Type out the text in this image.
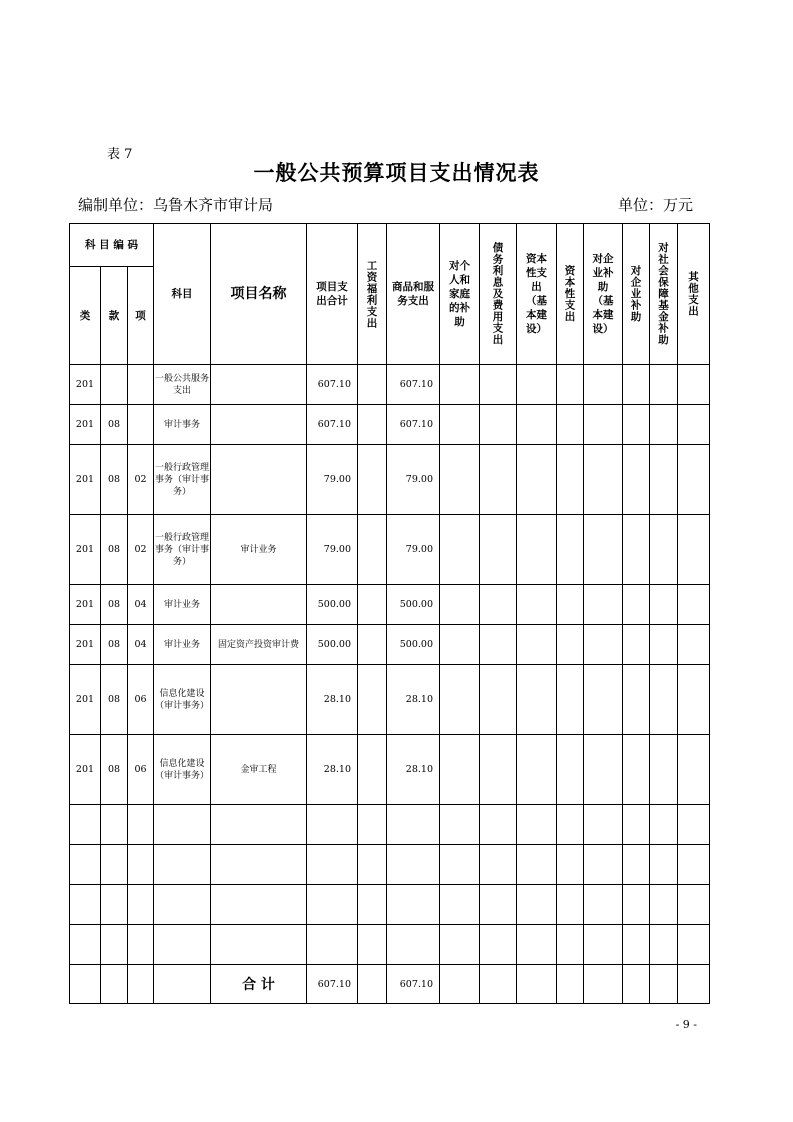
表 7
一般公共预算项目支出情况表
编制单位：乌鲁木齐市审计局	单位：万元
科 目 编 码			科目	项目名称	项目支出合计	工资福利支出	商品和服务支出	对个人和家庭的补助	债务利息及费用支出	资本性支出（基本建设）	资本性支出	对企业补助（基本建设）	对企业补助	对社会保障基金补助	其他支出

类	款	项													
201			一般公共服务支出		607.10		607.10								
201	08		审计事务		607.10		607.10								
201	08	02	一般行政管理事务（审计事务）		79.00		79.00								
201	08	02	一般行政管理事务（审计事务）	审计业务	79.00		79.00								
201	08	04	审计业务		500.00		500.00								
201	08	04	审计业务	固定资产投资审计费	500.00		500.00								
201	08	06	信息化建设（审计事务）		28.10		28.10								
201	08	06	信息化建设（审计事务）	金审工程	28.10		28.10								

				合 计	607.10		607.10								
- 9 -
